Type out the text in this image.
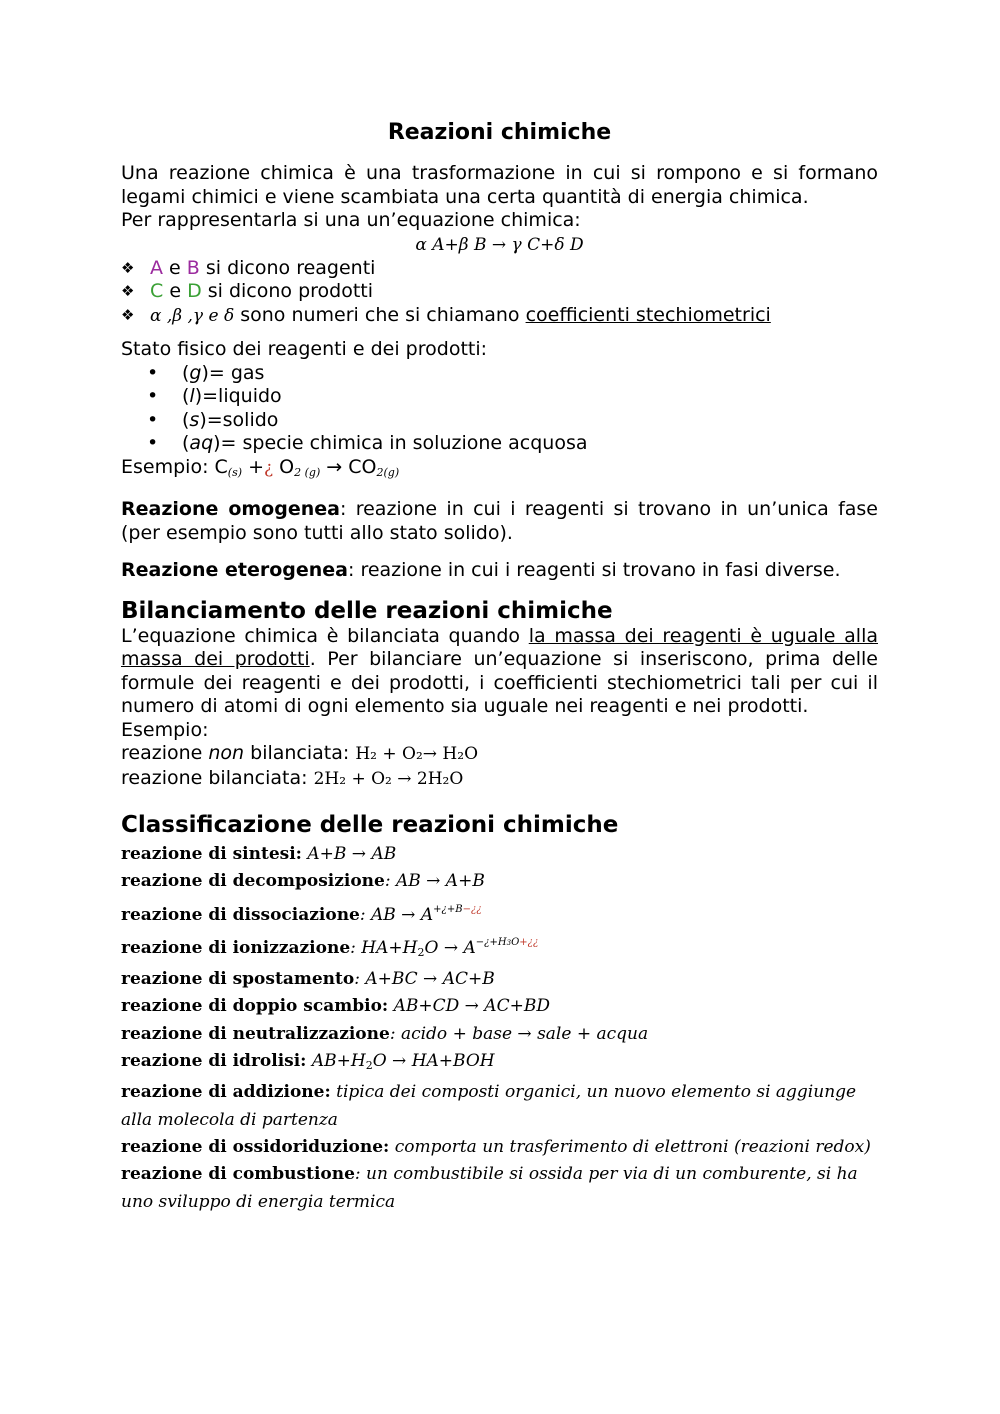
Reazioni chimiche

Una reazione chimica è una trasformazione in cui si rompono e si formano legami chimici e viene scambiata una certa quantità di energia chimica.

Per rappresentarla si una un’equazione chimica:

α A+β B → γ C+δ D
❖ A e B si dicono reagenti
❖ C e D si dicono prodotti
❖ α ,β ,γ e δ sono numeri che si chiamano coefficienti stechiometrici

Stato fisico dei reagenti e dei prodotti:

• (g)= gas
• (l)=liquido
• (s)=solido
• (aq)= specie chimica in soluzione acquosa

Esempio: $C_{(s)}$ +¿ $O_{2 (g)} \to CO_{2(g)}$

Reazione omogenea: reazione in cui i reagenti si trovano in un’unica fase (per esempio sono tutti allo stato solido).

Reazione eterogenea: reazione in cui i reagenti si trovano in fasi diverse.

Bilanciamento delle reazioni chimiche

L’equazione chimica è bilanciata quando la massa dei reagenti è uguale alla massa dei prodotti. Per bilanciare un’equazione si inseriscono, prima delle formule dei reagenti e dei prodotti, i coefficienti stechiometrici tali per cui il numero di atomi di ogni elemento sia uguale nei reagenti e nei prodotti.

Esempio:

reazione non bilanciata: H₂ + O₂→ H₂O

reazione bilanciata: 2H₂ + O₂ → 2H₂O

Classificazione delle reazioni chimiche

reazione di sintesi: A+B → AB

reazione di decomposizione: AB → A+B

reazione di dissociazione: AB → $A^{+¿+B-¿¿}$

reazione di ionizzazione: $HA+H_2O \to A^{-¿+H3O+¿¿}$

reazione di spostamento: A+BC → AC+B

reazione di doppio scambio: AB+CD → AC+BD

reazione di neutralizzazione: acido + base → sale + acqua

reazione di idrolisi: $AB+H_2O \to HA+BOH$

reazione di addizione: tipica dei composti organici, un nuovo elemento si aggiunge alla molecola di partenza

reazione di ossidoriduzione: comporta un trasferimento di elettroni (reazioni redox)

reazione di combustione: un combustibile si ossida per via di un comburente, si ha uno sviluppo di energia termica
